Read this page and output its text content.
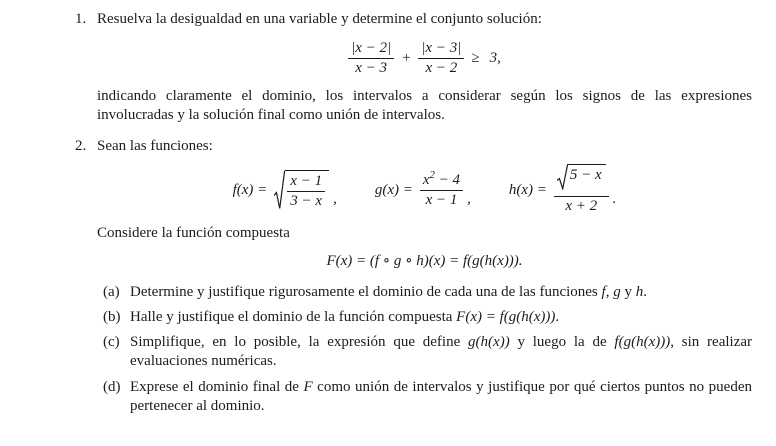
1. Resuelva la desigualdad en una variable y determine el conjunto solución:

$\frac{|x - 2|}{x - 3} + \frac{|x - 3|}{x - 2} \ge 3$,

indicando claramente el dominio, los intervalos a considerar según los signos de las expresiones involucradas y la solución final como unión de intervalos.

2. Sean las funciones:

$f(x) = \frac{x - 1}{3 - x}$ ,
$g(x) = \frac{x^2 - 4}{x - 1}$ ,
$h(x) = \frac{5 - x}{x + 2}$ .

Considere la función compuesta

F(x) = (f ∘ g ∘ h)(x) = f(g(h(x))).

(a) Determine y justifique rigurosamente el dominio de cada una de las funciones f, g y h.
(b) Halle y justifique el dominio de la función compuesta F(x) = f(g(h(x))).
(c) Simplifique, en lo posible, la expresión que define g(h(x)) y luego la de f(g(h(x))), sin realizar evaluaciones numéricas.
(d) Exprese el dominio final de F como unión de intervalos y justifique por qué ciertos puntos no pueden pertenecer al dominio.
